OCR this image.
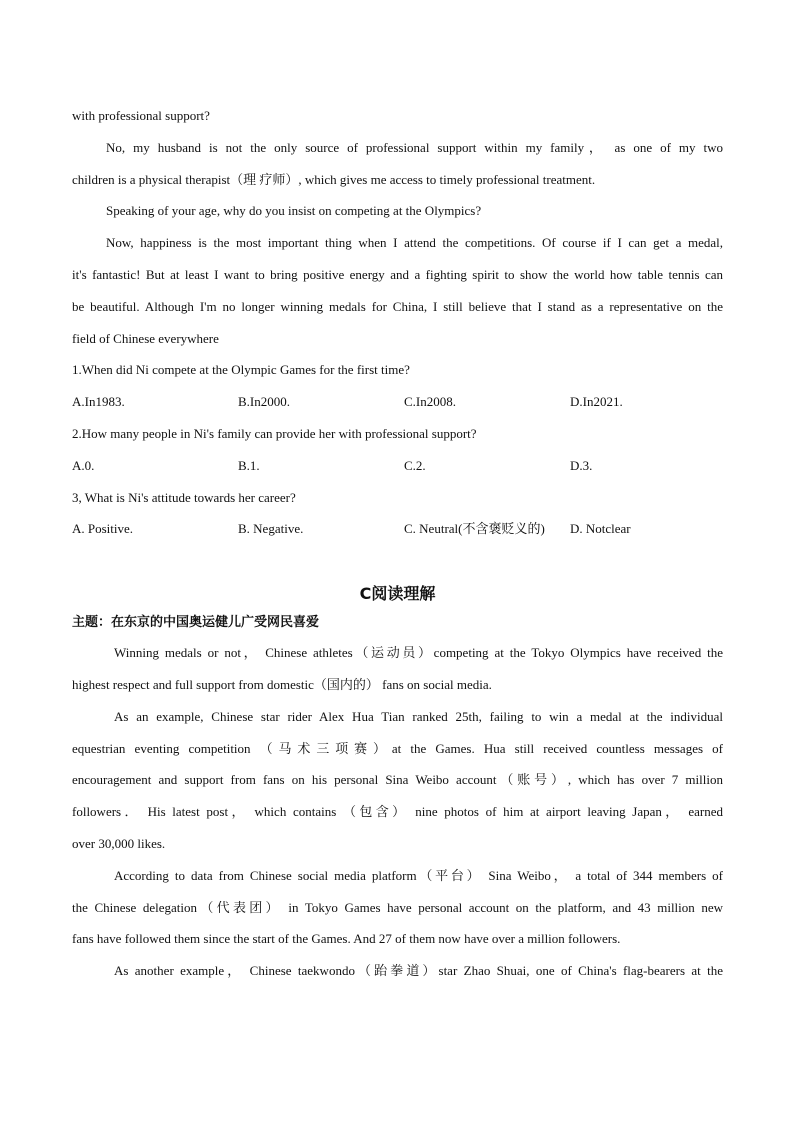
with professional support?
No, my husband is not the only source of professional support within my family， as one of my two
children is a physical therapist（理 疗师）, which gives me access to timely professional treatment.
Speaking of your age, why do you insist on competing at the Olympics?
Now, happiness is the most important thing when I attend the competitions. Of course if I can get a medal,
it's fantastic! But at least I want to bring positive energy and a fighting spirit to show the world how table tennis can
be beautiful. Although I'm no longer winning medals for China, I still believe that I stand as a representative on the
field of Chinese everywhere
1.When did Ni compete at the Olympic Games for the first time?
A.In1983.	B.In2000.	C.In2008.	D.In2021.
2.How many people in Ni's family can provide her with professional support?
A.0.	B.1.	C.2.	D.3.
3, What is Ni's attitude towards her career?
A. Positive.	B. Negative.	C. Neutral(不含褒贬义的)	D. Notclear
C阅读理解
主题：在东京的中国奥运健儿广受网民喜爱
Winning medals or not， Chinese athletes（运动员）competing at the Tokyo Olympics have received the
highest respect and full support from domestic（国内的） fans on social media.
As an example, Chinese star rider Alex Hua Tian ranked 25th, failing to win a medal at the individual
equestrian eventing competition （马术三项赛）at the Games. Hua still received countless messages of
encouragement and support from fans on his personal Sina Weibo account（账号）, which has over 7 million
followers． His latest post， which contains （包含） nine photos of him at airport leaving Japan， earned
over 30,000 likes.
According to data from Chinese social media platform（平台） Sina Weibo， a total of 344 members of
the Chinese delegation（代表团） in Tokyo Games have personal account on the platform, and 43 million new
fans have followed them since the start of the Games. And 27 of them now have over a million followers.
As another example， Chinese taekwondo（跆拳道）star Zhao Shuai, one of China's flag-bearers at the
